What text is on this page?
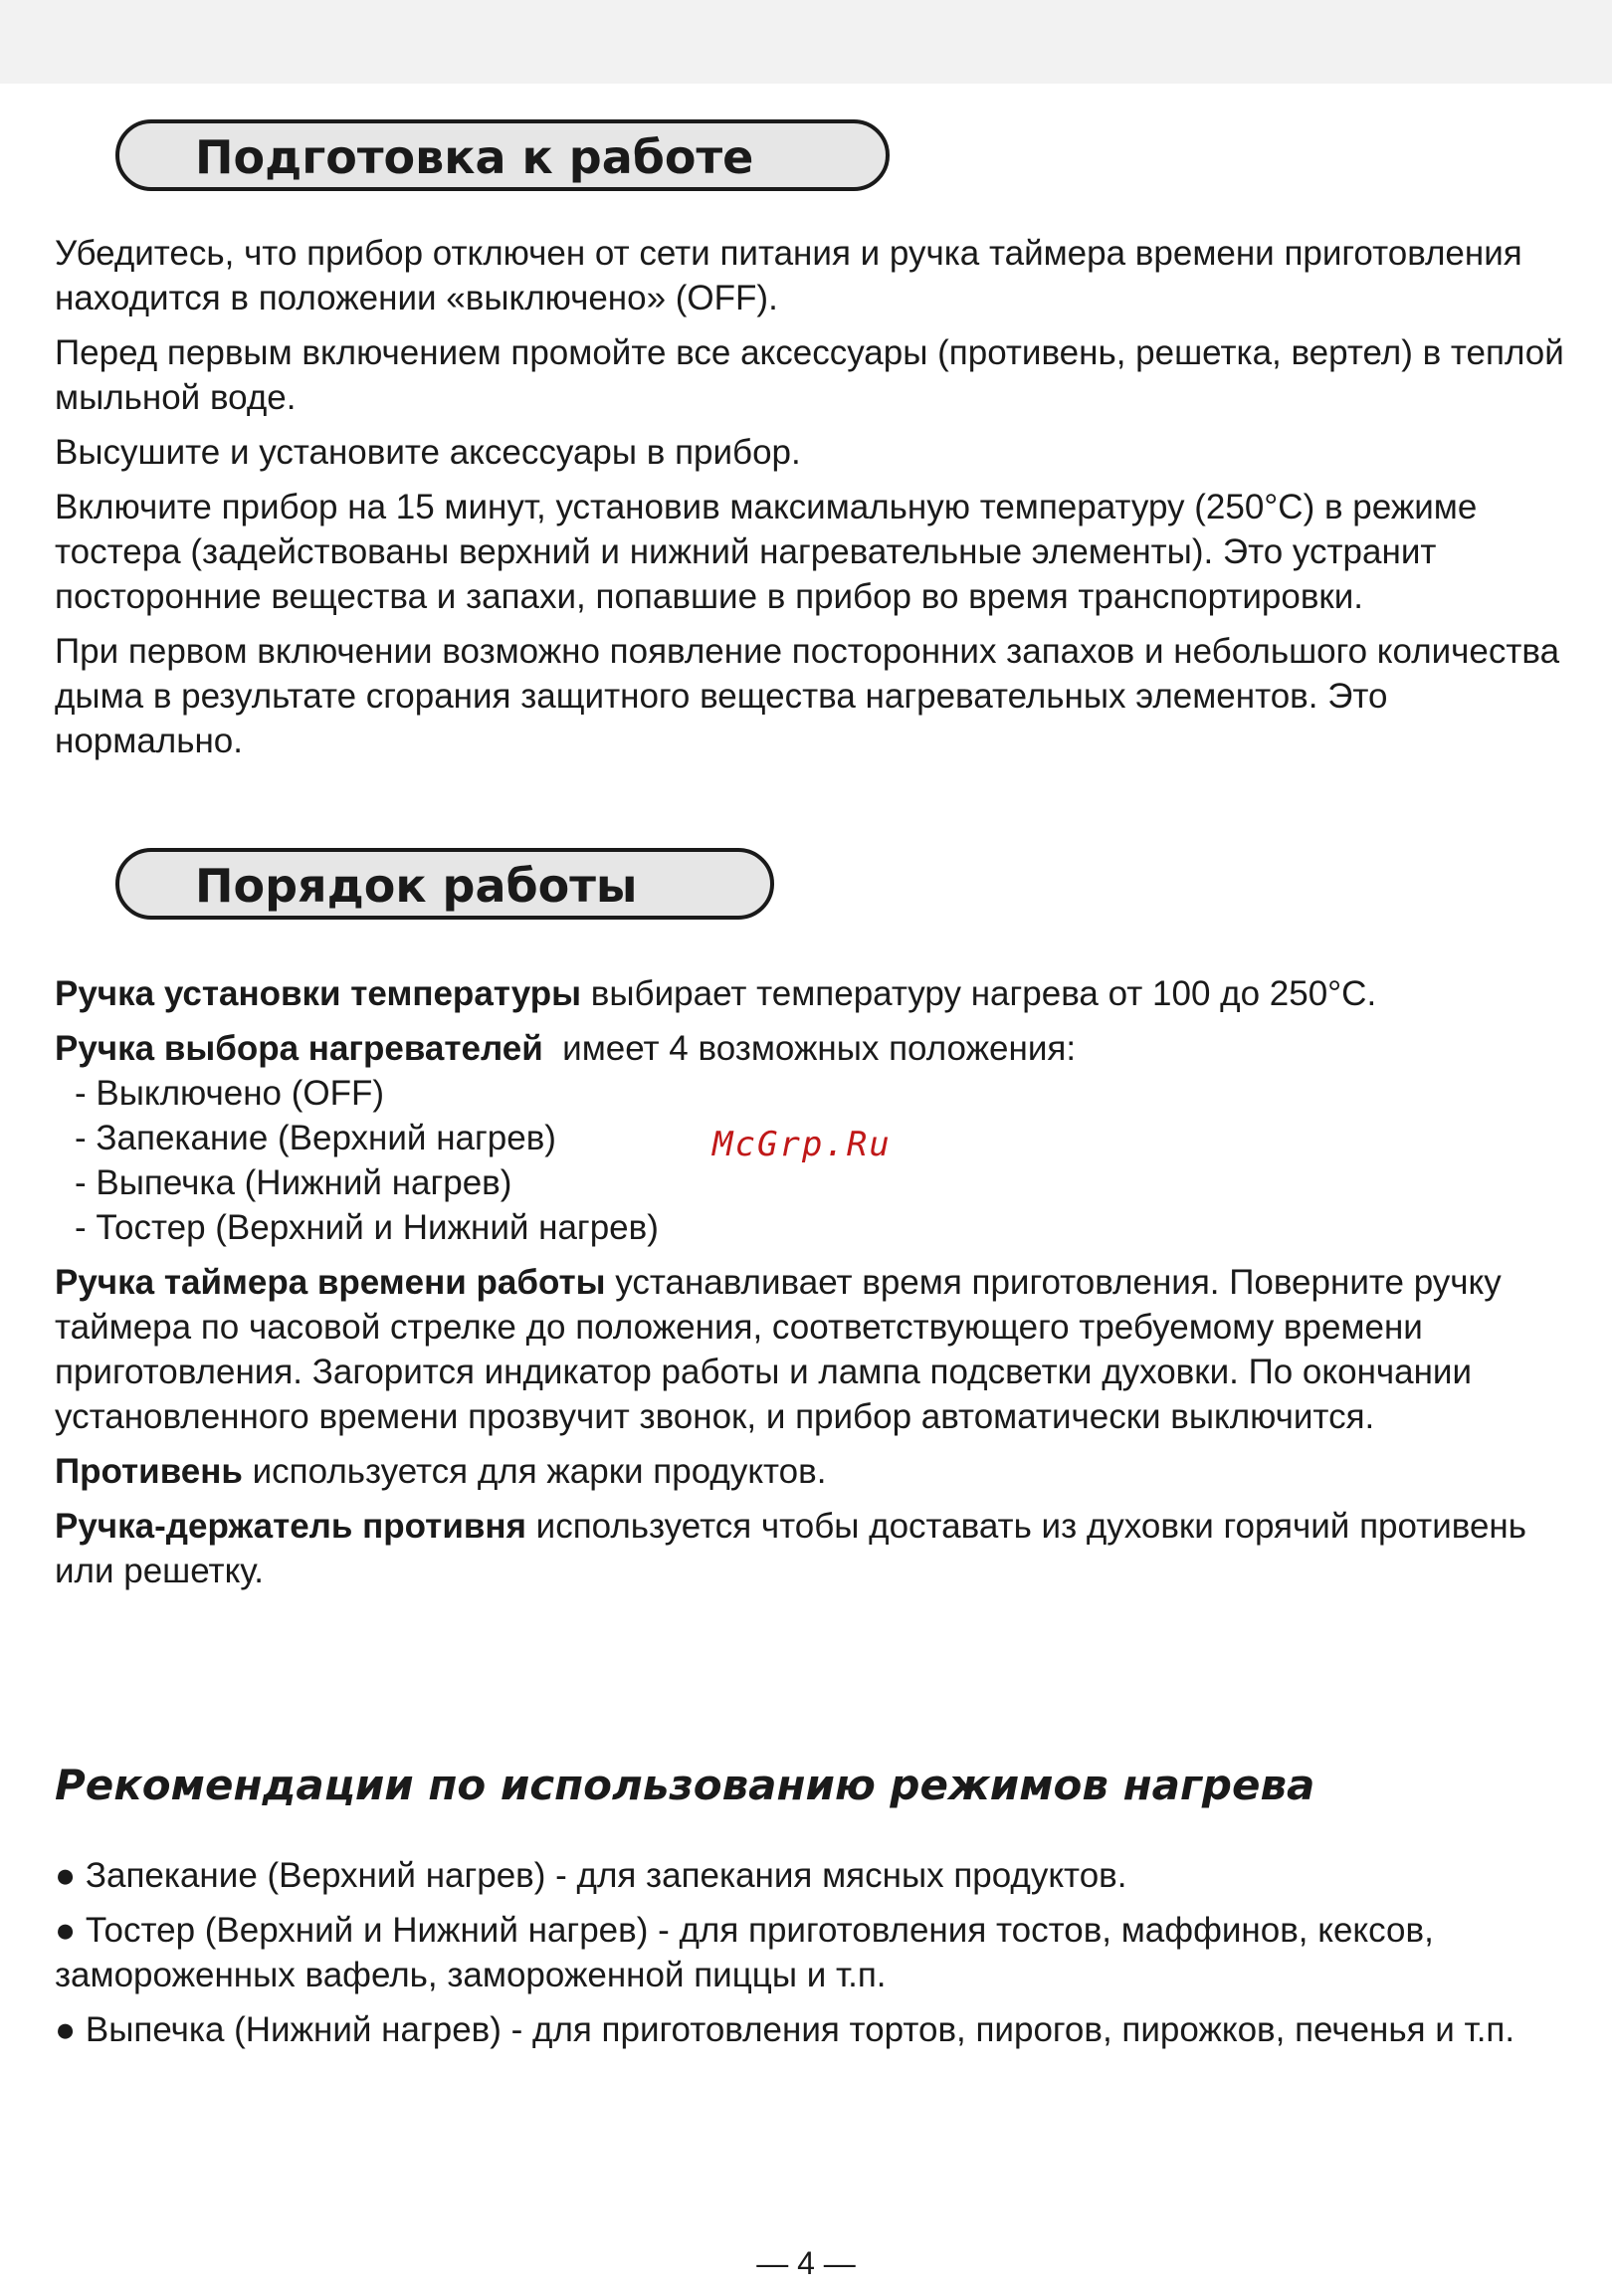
Подготовка к работе

Убедитесь, что прибор отключен от сети питания и ручка таймера времени приготовления находится в положении «выключено» (OFF).

Перед первым включением промойте все аксессуары (противень, решетка, вертел) в теплой мыльной воде.

Высушите и установите аксессуары в прибор.

Включите прибор на 15 минут, установив максимальную температуру (250°С) в режиме тостера (задействованы верхний и нижний нагревательные элементы). Это устранит посторонние вещества и запахи, попавшие в прибор во время транспортировки.

При первом включении возможно появление посторонних запахов и небольшого количества дыма в результате сгорания защитного вещества нагревательных элементов. Это нормально.

Порядок работы

Ручка установки температуры выбирает температуру нагрева от 100 до 250°С.

Ручка выбора нагревателей  имеет 4 возможных положения:

- Выключено (OFF)

- Запекание (Верхний нагрев)

- Выпечка (Нижний нагрев)

- Тостер (Верхний и Нижний нагрев)

Ручка таймера времени работы устанавливает время приготовления. Поверните ручку таймера по часовой стрелке до положения, соответствующего требуемому времени приготовления. Загорится индикатор работы и лампа подсветки духовки. По окончании установленного времени прозвучит звонок, и прибор автоматически выключится.

Противень используется для жарки продуктов.

Ручка-держатель противня используется чтобы доставать из духовки горячий противень или решетку.

McGrp.Ru
Рекомендации по использованию режимов нагрева

● Запекание (Верхний нагрев) - для запекания мясных продуктов.

● Тостер (Верхний и Нижний нагрев) - для приготовления тостов, маффинов, кексов, замороженных вафель, замороженной пиццы и т.п.

● Выпечка (Нижний нагрев) - для приготовления тортов, пирогов, пирожков, печенья и т.п.

— 4 —
